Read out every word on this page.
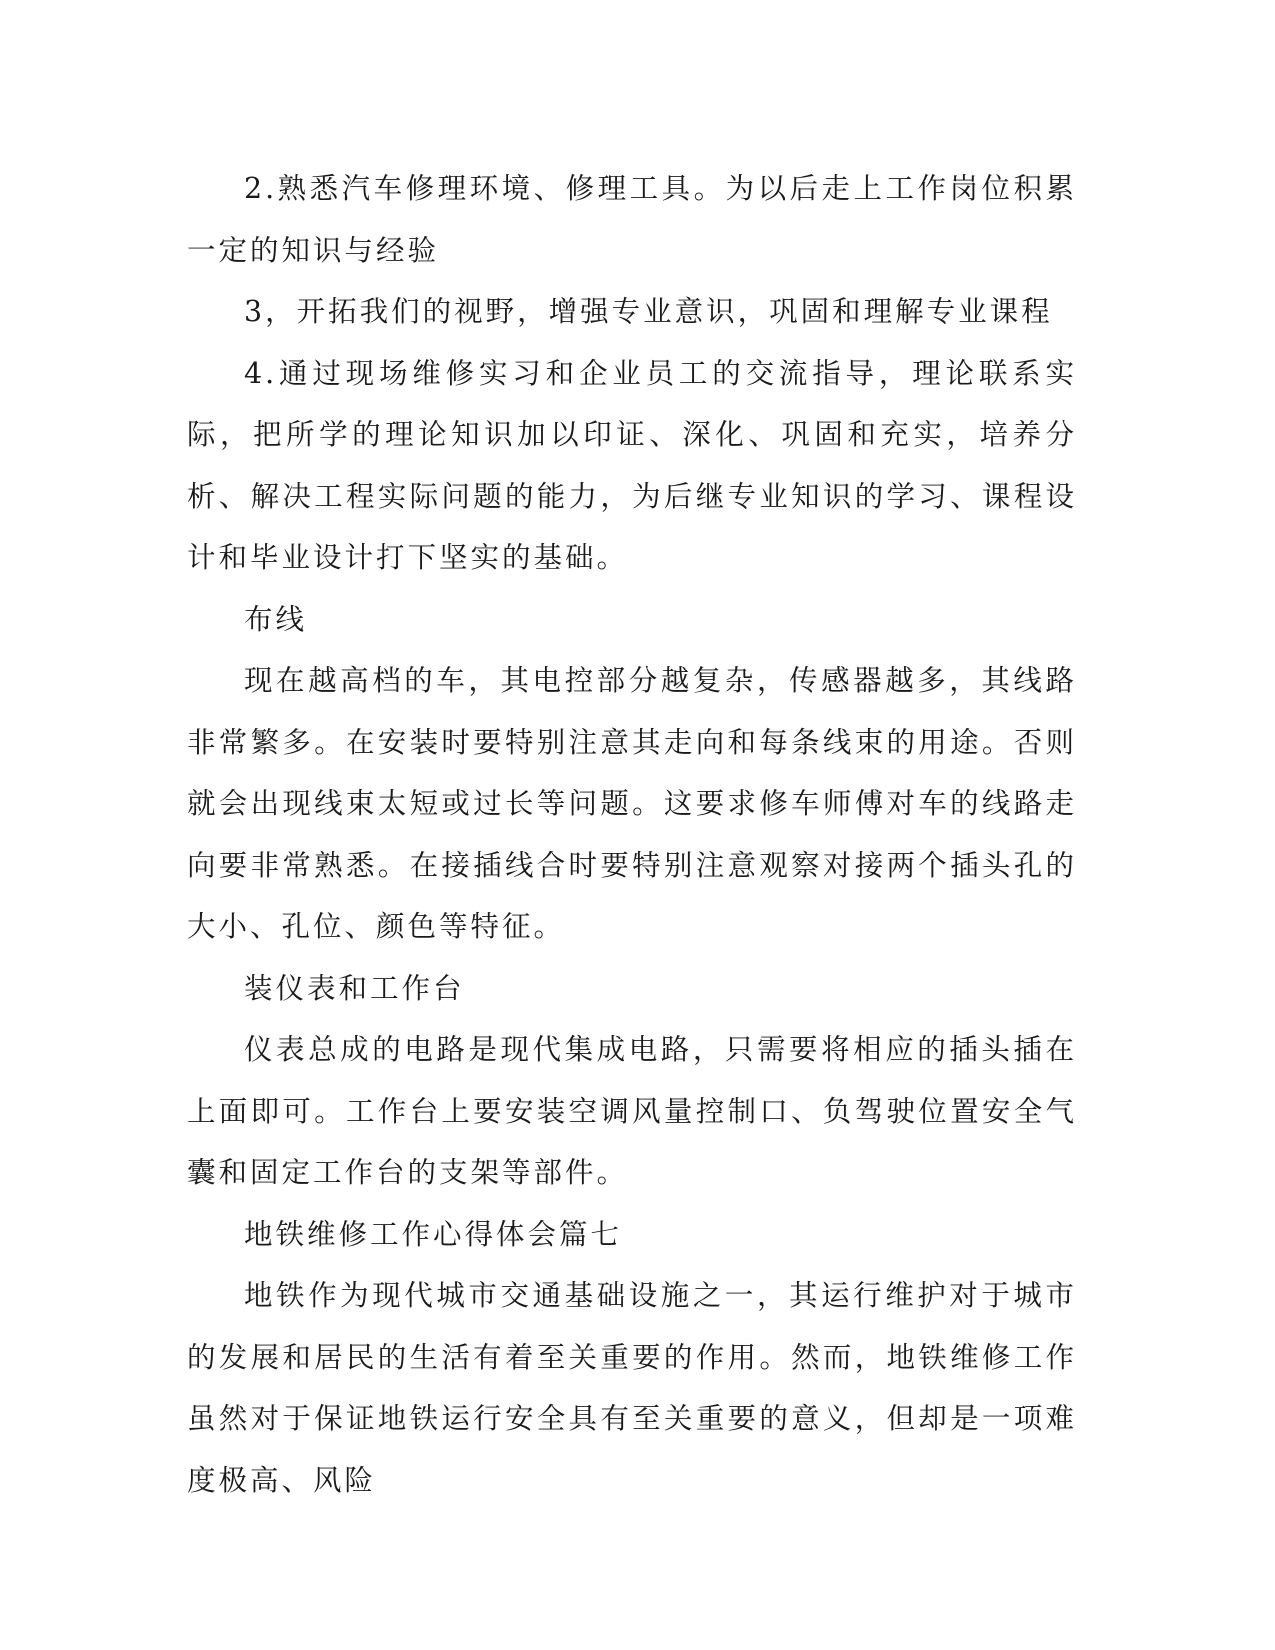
2.熟悉汽车修理环境、修理工具。为以后走上工作岗位积累一定的知识与经验

3，开拓我们的视野，增强专业意识，巩固和理解专业课程

4.通过现场维修实习和企业员工的交流指导，理论联系实际，把所学的理论知识加以印证、深化、巩固和充实，培养分析、解决工程实际问题的能力，为后继专业知识的学习、课程设计和毕业设计打下坚实的基础。

布线

现在越高档的车，其电控部分越复杂，传感器越多，其线路非常繁多。在安装时要特别注意其走向和每条线束的用途。否则就会出现线束太短或过长等问题。这要求修车师傅对车的线路走向要非常熟悉。在接插线合时要特别注意观察对接两个插头孔的大小、孔位、颜色等特征。

装仪表和工作台

仪表总成的电路是现代集成电路，只需要将相应的插头插在上面即可。工作台上要安装空调风量控制口、负驾驶位置安全气囊和固定工作台的支架等部件。

地铁维修工作心得体会篇七

地铁作为现代城市交通基础设施之一，其运行维护对于城市的发展和居民的生活有着至关重要的作用。然而，地铁维修工作虽然对于保证地铁运行安全具有至关重要的意义，但却是一项难度极高、风险
